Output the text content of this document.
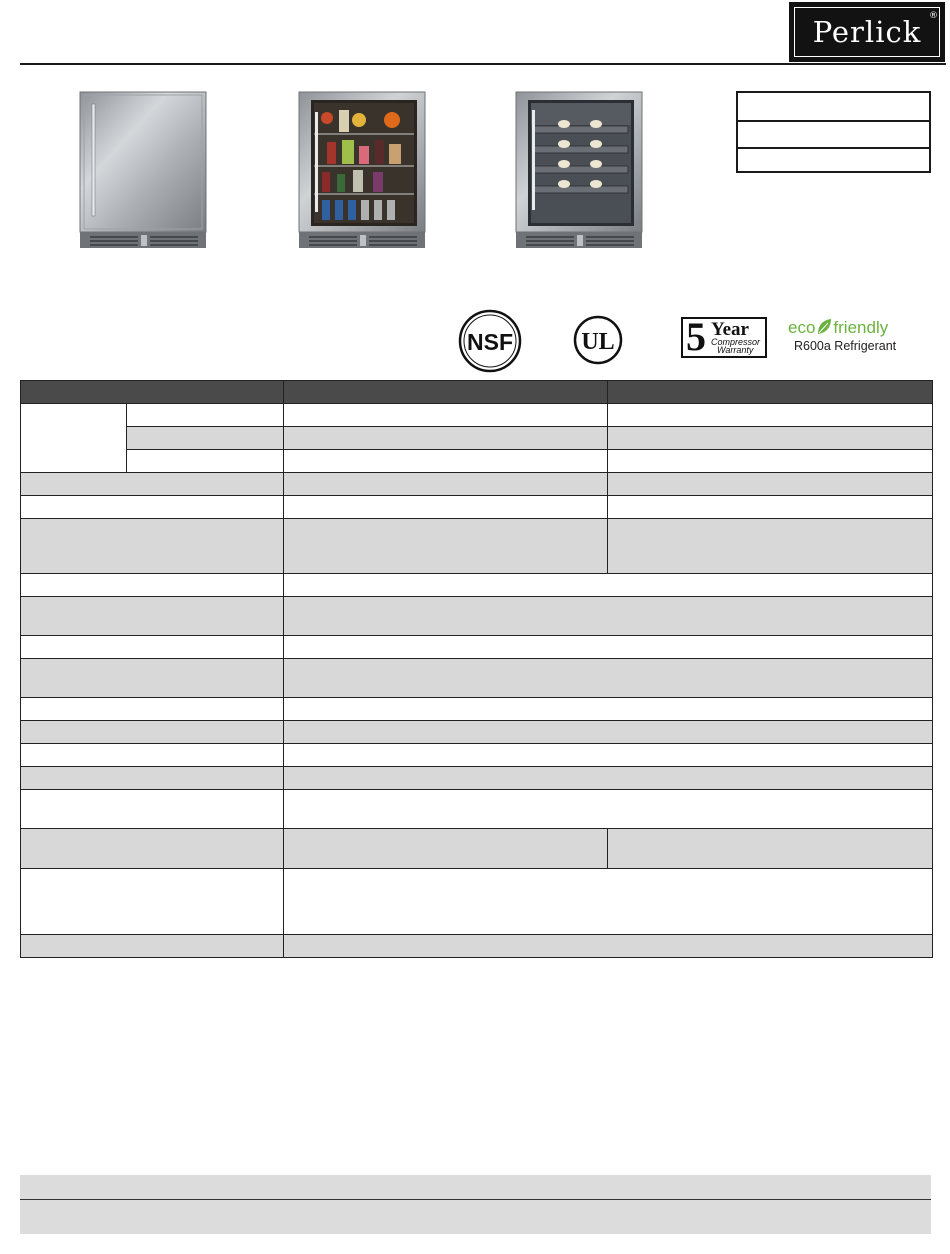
Perlick ®
NSF	UL 5 Year
Compressor
Warranty
eco friendly
R600a Refrigerant
